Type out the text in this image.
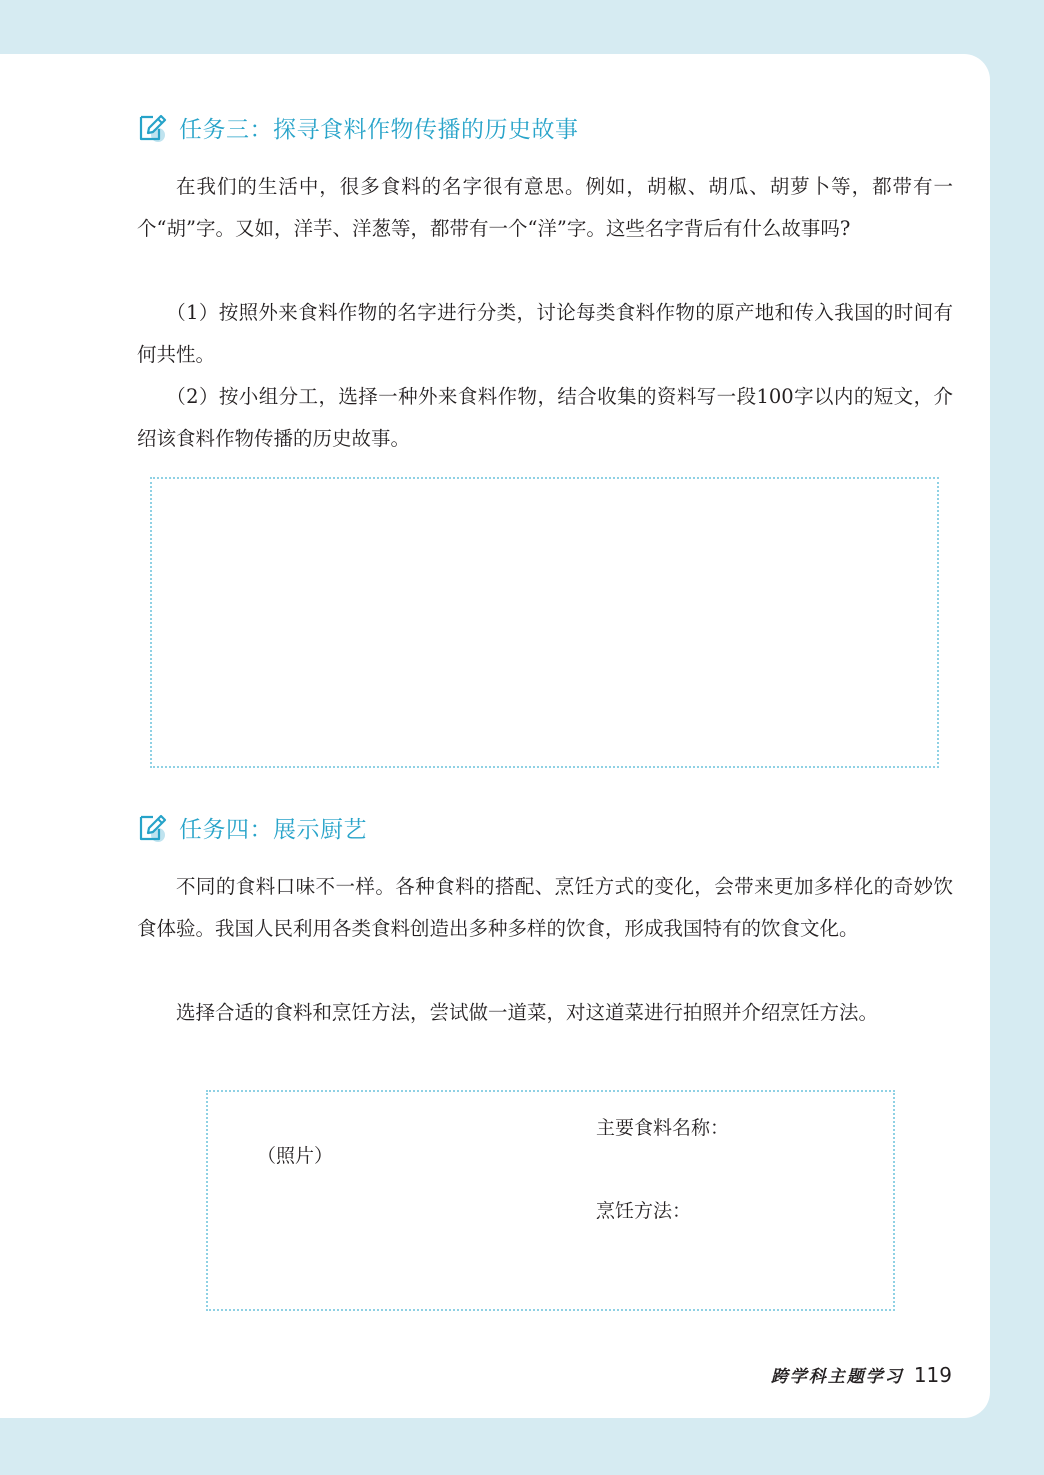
任务三：探寻食料作物传播的历史故事

在我们的生活中，很多食料的名字很有意思。例如，胡椒、胡瓜、胡萝卜等，都带有一个“胡”字。又如，洋芋、洋葱等，都带有一个“洋”字。这些名字背后有什么故事吗?

（1）按照外来食料作物的名字进行分类，讨论每类食料作物的原产地和传入我国的时间有何共性。

（2）按小组分工，选择一种外来食料作物，结合收集的资料写一段100字以内的短文，介绍该食料作物传播的历史故事。

任务四：展示厨艺

不同的食料口味不一样。各种食料的搭配、烹饪方式的变化，会带来更加多样化的奇妙饮食体验。我国人民利用各类食料创造出多种多样的饮食，形成我国特有的饮食文化。

选择合适的食料和烹饪方法，尝试做一道菜，对这道菜进行拍照并介绍烹饪方法。

（照片）
主要食料名称：
烹饪方法：
跨学科主题学习 119
